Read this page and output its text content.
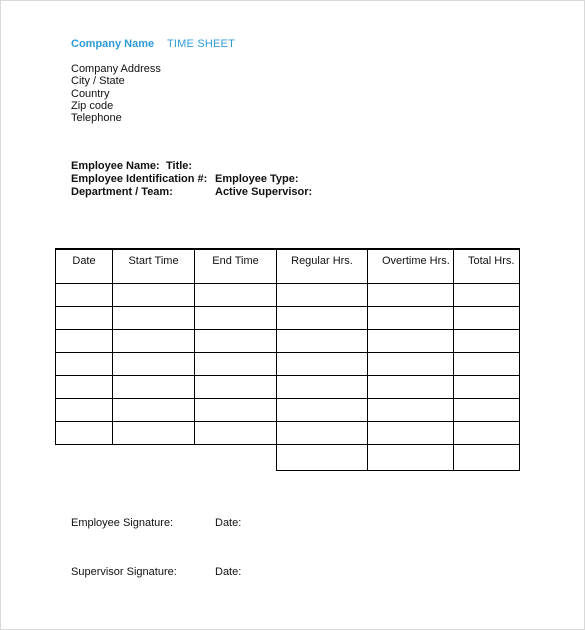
Company Name TIME SHEET
Company Address
City / State
Country
Zip code
Telephone
Employee Name: Title:
Employee Identification #: Employee Type:
Department / Team:	Active Supervisor:
Date	Start Time	End Time	Regular Hrs.	Overtime Hrs.	Total Hrs.

Employee Signature:	Date:
Supervisor Signature:	Date:
